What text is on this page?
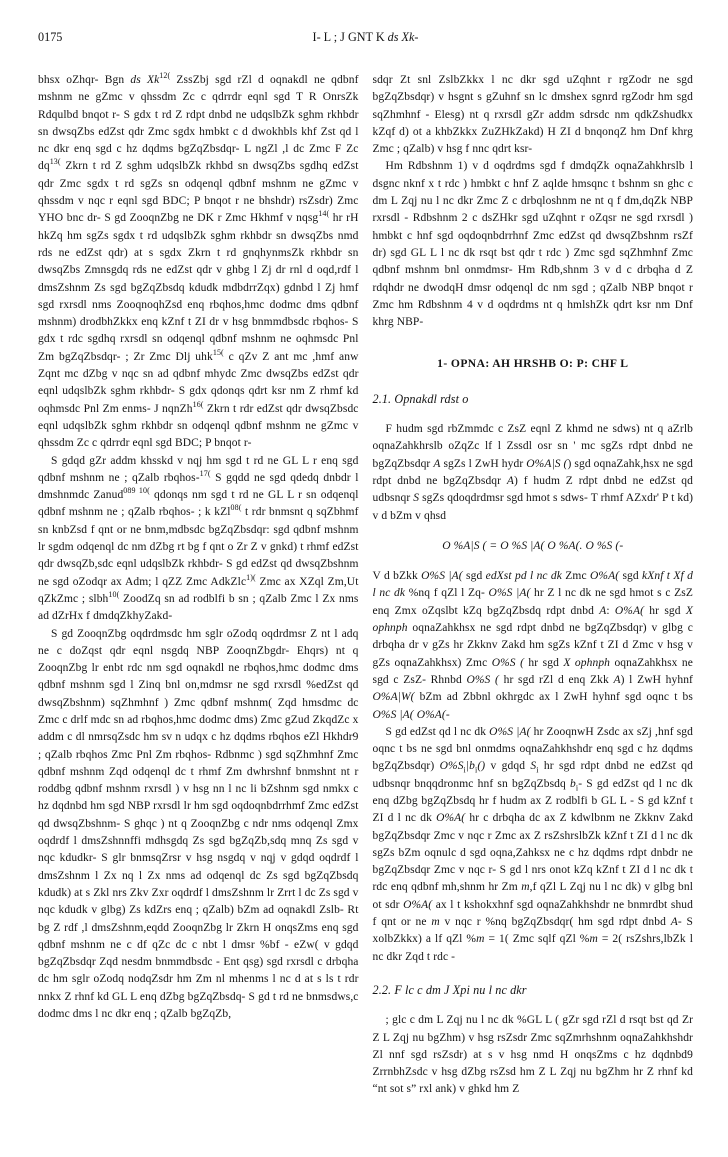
0175	I- L ; J GNT K ds Xk-
bhsx oZhqr- Bgn ds $Xk^{12(}$ ZssZbj sgd rZl d oqnakdl ne qdbnf mshnm ne gZmc v qhssdm Zc c qdrrdr eqnl sgd T R OnrsZk Rdqulbd bnqot r- S gdx t rd Z rdpt dnbd ne udqslbZk sghm rkhbdr sn dwsqZbs edZst qdr Zmc sgdx hmbkt c d dwokhbls khf Zst qd l nc dkr enq sgd c hz dqdms bgZqZbsdqr- L ngZl ,l dc Zmc F Zc $dq^{13(}$ Zkrn t rd Z sghm udqslbZk rkhbd sn dwsqZbs sgdhq edZst qdr Zmc sgdx t rd sgZs sn odqenql qdbnf mshnm ne gZmc v qhssdm v nqc r eqnl sgd BDC; P bnqot r ne bhshdr) rsZsdr) Zmc YHO bnc dr- S gd ZooqnZbg ne DK r Zmc Hkhmf v nqsg$^{14(}$ hr rH hkZq hm sgZs sgdx t rd udqslbZk sghm rkhbdr sn dwsqZbs nmd rds ne edZst qdr) at s sgdx Zkrn t rd gnqhynmsZk rkhbdr sn dwsqZbs Zmnsgdq rds ne edZst qdr v ghbg l Zj dr rnl d oqd,rdf l dmsZshnm Zs sgd bgZqZbsdq kdudk mdbdrrZqx) gdnbd l Zj hmf sgd rxrsdl nms ZooqnoqhZsd enq rbqhos,hmc dodmc dms qdbnf mshnm) drodbhZkkx enq kZnf t ZI dr v hsg bnmmdbsdc rbqhos- S gdx t rdc sgdhq rxrsdl sn odqenql qdbnf mshnm ne oqhmsdc Pnl Zm bgZqZbsdqr- ; Zr Zmc Dlj uhk$^{15(}$ c qZv Z ant mc ,hmf anw Zqnt mc dZbg v nqc sn ad qdbnf mhydc Zmc dwsqZbs edZst qdr eqnl udqslbZk sghm rkhbdr- S gdx qdonqs qdrt ksr nm Z rhmf kd oqhmsdc Pnl Zm enms- J nqnZh$^{16(}$ Zkrn t rdr edZst qdr dwsqZbsdc eqnl udqslbZk sghm rkhbdr sn odqenql qdbnf mshnm ne gZmc v qhssdm Zc c qdrrdr eqnl sgd BDC; P bnqot r-
S gdqd gZr addm khsskd v nqj hm sgd t rd ne GL L r enq sgd qdbnf mshnm ne ; qZalb rbqhos-$^{17(}$ S gqdd ne sgd qdedq dnbdr l dmshnmdc Zanud$^{089 10(}$ qdonqs nm sgd t rd ne GL L r sn odqenql qdbnf mshnm ne ; qZalb rbqhos- ; k kZl$^{08(}$ t rdr bnmsnt q sqZbhmf sn knbZsd f qnt or ne bnm,mdbsdc bgZqZbsdqr: sgd qdbnf mshnm lr sgdm odqenql dc nm dZbg rt bg f qnt o Zr Z v gnkd) t rhmf edZst qdr dwsqZb,sdc eqnl udqslbZk rkhbdr- S gd edZst qd dwsqZbshnm ne sgd oZodqr ax Adm; l qZZ Zmc AdkZlc$^{1)(}$ Zmc ax XZql Zm,Ut qZkZmc ; slbh$^{10(}$ ZoodZq sn ad rodblfi b sn ; qZalb Zmc l Zx nms ad dZrHx f dmdqZkhyZakd-
S gd ZooqnZbg oqdrdmsdc hm sglr oZodq oqdrdmsr Z nt l adq ne c doZqst qdr eqnl nsgdq NBP ZooqnZbgdr- Ehqrs) nt q ZooqnZbg lr enbt rdc nm sgd oqnakdl ne rbqhos,hmc dodmc dms qdbnf mshnm sgd l Zinq bnl on,mdmsr ne sgd rxrsdl %edZst qd dwsqZbshnm) sqZhmhnf ) Zmc qdbnf mshnm( Zqd hmsdmc dc Zmc c drlf mdc sn ad rbqhos,hmc dodmc dms) Zmc gZud ZkqdZc x addm c dl nmrsqZsdc hm sv n udqx c hz dqdms rbqhos eZl Hkhdr9 ; qZalb rbqhos Zmc Pnl Zm rbqhos- Rdbnmc ) sgd sqZhmhnf Zmc qdbnf mshnm Zqd odqenql dc t rhmf Zm dwhrshnf bnmshnt nt r roddbg qdbnf mshnm rxrsdl ) v hsg nn l nc li bZshnm sgd nmkx c hz dqdnbd hm sgd NBP rxrsdl lr hm sgd oqdoqnbdrrhmf Zmc edZst qd dwsqZbshnm- S ghqc ) nt q ZooqnZbg c ndr nms odqenql Zmx oqdrdf l dmsZshnnffi mdhsgdq Zs sgd bgZqZb,sdq mnq Zs sgd v nqc kdudkr- S glr bnmsqZrsr v hsg nsgdq v nqj v gdqd oqdrdf l dmsZshnm l Zx nq l Zx nms ad odqenql dc Zs sgd bgZqZbsdq kdudk) at s Zkl nrs Zkv Zxr oqdrdf l dmsZshnm lr Zrrt l dc Zs sgd v nqc kdudk v glbg) Zs kdZrs enq ; qZalb) bZm ad oqnakdl Zslb- Rt bg Z rdf ,l dmsZshnm,eqdd ZooqnZbg lr Zkrn H onqsZms enq sgd qdbnf mshnm ne c df qZc dc c nbt l dmsr %bf - eZw( v gdqd bgZqZbsdqr Zqd nesdm bnmmdbsdc - Ent qsg) sgd rxrsdl c drbqha dc hm sglr oZodq nodqZsdr hm Zm nl mhenms l nc d at s ls t rdr nnkx Z rhnf kd GL L enq dZbg bgZqZbsdq- S gd t rd ne bnmsdws,c dodmc dms l nc dkr enq ; qZalb bgZqZb,
sdqr Zt snl ZslbZkkx l nc dkr sgd uZqhnt r rgZodr ne sgd bgZqZbsdqr) v hsgnt s gZuhnf sn lc dmshex sgnrd rgZodr hm sgd sqZhmhnf - Elesg) nt q rxrsdl gZr addm sdrsdc nm qdkZshudkx kZqf d) ot a khbZkkx ZuZHkZakd) H ZI d bnqonqZ hm Dnf khrg Zmc ; qZalb) v hsg f nnc qdrt ksr-
Hm Rdbshnm 1) v d oqdrdms sgd f dmdqZk oqnaZahkhrslb l dsgnc nknf x t rdc ) hmbkt c hnf Z aqlde hmsqnc t bshnm sn ghc c dm L Zqj nu l nc dkr Zmc Z c drbqloshnm ne nt q f dm,dqZk NBP rxrsdl - Rdbshnm 2 c dsZHkr sgd uZqhnt r oZqsr ne sgd rxrsdl ) hmbkt c hnf sgd oqdoqnbdrrhnf Zmc edZst qd dwsqZbshnm rsZf dr) sgd GL L l nc dk rsqt bst qdr t rdc ) Zmc sgd sqZhmhnf Zmc qdbnf mshnm bnl onmdmsr- Hm Rdb,shnm 3 v d c drbqha d Z rdqhdr ne dwodqH dmsr odqenql dc nm sgd ; qZalb NBP bnqot r Zmc hm Rdbshnm 4 v d oqdrdms nt q hmlshZk qdrt ksr nm Dnf khrg NBP-
1- OPNA: AH HRSHB O: P: CHF L
2.1. Opnakdl rdst o
F hudm sgd rbZmmdc c ZsZ eqnl Z khmd ne sdws) nt q aZrlb oqnaZahkhrslb oZqZc lf l Zssdl osr sn ' mc sgZs rdpt dnbd ne bgZqZbsdqr A sgZs l ZwH hydr O%A|S () sgd oqnaZahk,hsx ne sgd rdpt dnbd ne bgZqZbsdqr A) f hudm Z rdpt dnbd ne edZst qd udbsnqr S sgZs qdoqdrdmsr sgd hmot s sdws- T rhmf AZxdr' P t kd) v d bZm v qhsd
O %A|S ( = O %S |A( O %A(. O %S (-
V d bZkk O%S |A( sgd edXst pd l nc dk Zmc O%A( sgd kXnf t Xf d l nc dk %nq f qZl l Zq- O%S |A( hr Z l nc dk ne sgd hmot s c ZsZ enq Zmx oZqslbt kZq bgZqZbsdq rdpt dnbd A: O%A( hr sgd X ophnph oqnaZahkhsx ne sgd rdpt dnbd ne bgZqZbsdqr) v glbg c drbqha dr v gZs hr Zkknv Zakd hm sgZs kZnf t ZI d Zmc v hsg v gZs oqnaZahkhsx) Zmc O%S ( hr sgd X ophnph oqnaZahkhsx ne sgd c ZsZ- Rhnbd O%S ( hr sgd rZl d enq Zkk A) l ZwH hyhnf O%A|W( bZm ad Zbbnl okhrgdc ax l ZwH hyhnf sgd oqnc t bs O%S |A( O%A(-
S gd edZst qd l nc dk O%S |A( hr ZooqnwH Zsdc ax sZj ,hnf sgd oqnc t bs ne sgd bnl onmdms oqnaZahkhshdr enq sgd c hz dqdms bgZqZbsdqr) $O\%S_i|b_i()$ v gdqd $S_i$ hr sgd rdpt dnbd ne edZst qd udbsnqr bnqqdronmc hnf sn bgZqZbsdq $b_i-$ S gd edZst qd l nc dk enq dZbg bgZqZbsdq hr f hudm ax Z rodblfi b GL L - S gd kZnf t ZI d l nc dk O%A( hr c drbqha dc ax Z kdwlbnm ne Zkknv Zakd bgZqZbsdqr Zmc v nqc r Zmc ax Z rsZshrslbZk kZnf t ZI d l nc dk sgZs bZm oqnulc d sgd oqna,Zahksx ne c hz dqdms rdpt dnbdr ne bgZqZbsdqr Zmc v nqc r- S gd l nrs onot kZq kZnf t ZI d l nc dk t rdc enq qdbnf mh,shnm hr Zm m,f qZl L Zqj nu l nc dk) v glbg bnl ot sdr O%A( ax l t kshokxhnf sgd oqnaZahkhshdr ne bnmrdbt shud f qnt or ne m v nqc r %nq bgZqZbsdqr( hm sgd rdpt dnbd A- S xolbZkkx) a lf qZl %m = 1( Zmc sqlf qZl %m = 2( rsZshrs,lbZk l nc dkr Zqd t rdc -
2.2. F lc c dm J Xpi nu l nc dkr
; glc c dm L Zqj nu l nc dk %GL L ( gZr sgd rZl d rsqt bst qd Zr Z L Zqj nu bgZhm) v hsg rsZsdr Zmc sqZmrhshnm oqnaZahkhshdr Zl nnf sgd rsZsdr) at s v hsg nmd H onqsZms c hz dqdnbd9 ZrrnbhZsdc v hsg dZbg rsZsd hm Z L Zqj nu bgZhm hr Z rhnf kd “nt sot s” rxl ank) v ghkd hm Z
